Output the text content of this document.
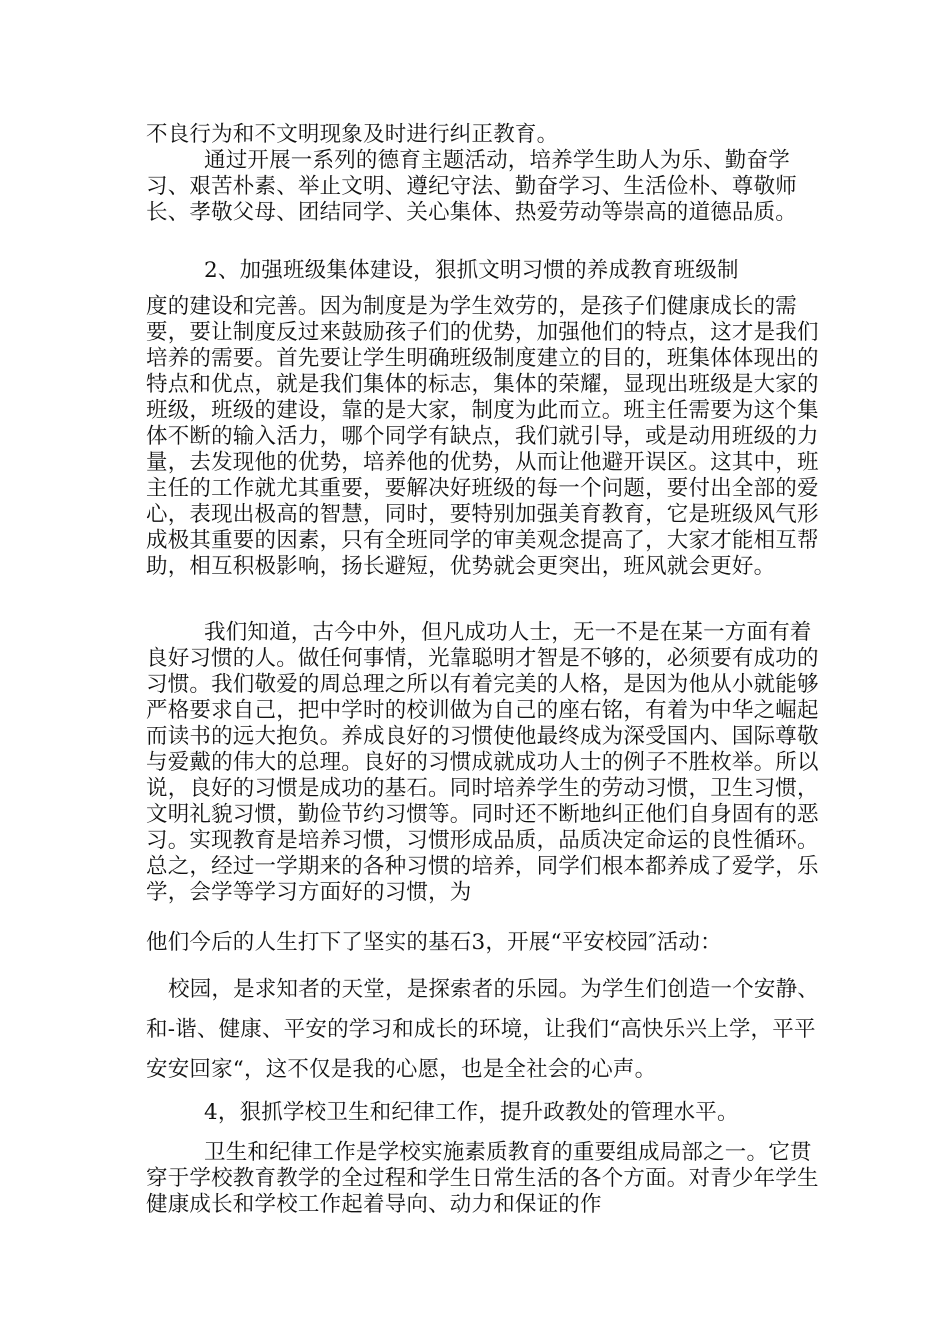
不良行为和不文明现象及时进行纠正教育。

通过开展一系列的德育主题活动，培养学生助人为乐、勤奋学习、艰苦朴素、举止文明、遵纪守法、勤奋学习、生活俭朴、尊敬师长、孝敬父母、团结同学、关心集体、热爱劳动等崇高的道德品质。

2、加强班级集体建设，狠抓文明习惯的养成教育班级制

度的建设和完善。因为制度是为学生效劳的，是孩子们健康成长的需要，要让制度反过来鼓励孩子们的优势，加强他们的特点，这才是我们培养的需要。首先要让学生明确班级制度建立的目的，班集体体现出的特点和优点，就是我们集体的标志，集体的荣耀，显现出班级是大家的班级，班级的建设，靠的是大家，制度为此而立。班主任需要为这个集体不断的输入活力，哪个同学有缺点，我们就引导，或是动用班级的力量，去发现他的优势，培养他的优势，从而让他避开误区。这其中，班主任的工作就尤其重要，要解决好班级的每一个问题，要付出全部的爱心，表现出极高的智慧，同时，要特别加强美育教育，它是班级风气形成极其重要的因素，只有全班同学的审美观念提高了，大家才能相互帮助，相互积极影响，扬长避短，优势就会更突出，班风就会更好。

我们知道，古今中外，但凡成功人士，无一不是在某一方面有着良好习惯的人。做任何事情，光靠聪明才智是不够的，必须要有成功的习惯。我们敬爱的周总理之所以有着完美的人格，是因为他从小就能够严格要求自己，把中学时的校训做为自己的座右铭，有着为中华之崛起而读书的远大抱负。养成良好的习惯使他最终成为深受国内、国际尊敬与爱戴的伟大的总理。良好的习惯成就成功人士的例子不胜枚举。所以说，良好的习惯是成功的基石。同时培养学生的劳动习惯，卫生习惯，文明礼貌习惯，勤俭节约习惯等。同时还不断地纠正他们自身固有的恶习。实现教育是培养习惯，习惯形成品质，品质决定命运的良性循环。总之，经过一学期来的各种习惯的培养，同学们根本都养成了爱学，乐学，会学等学习方面好的习惯，为

他们今后的人生打下了坚实的基石3，开展“平安校园″活动：

校园，是求知者的天堂，是探索者的乐园。为学生们创造一个安静、和-谐、健康、平安的学习和成长的环境，让我们“高快乐兴上学，平平安安回家“，这不仅是我的心愿，也是全社会的心声。

4，狠抓学校卫生和纪律工作，提升政教处的管理水平。

卫生和纪律工作是学校实施素质教育的重要组成局部之一。它贯穿于学校教育教学的全过程和学生日常生活的各个方面。对青少年学生健康成长和学校工作起着导向、动力和保证的作
